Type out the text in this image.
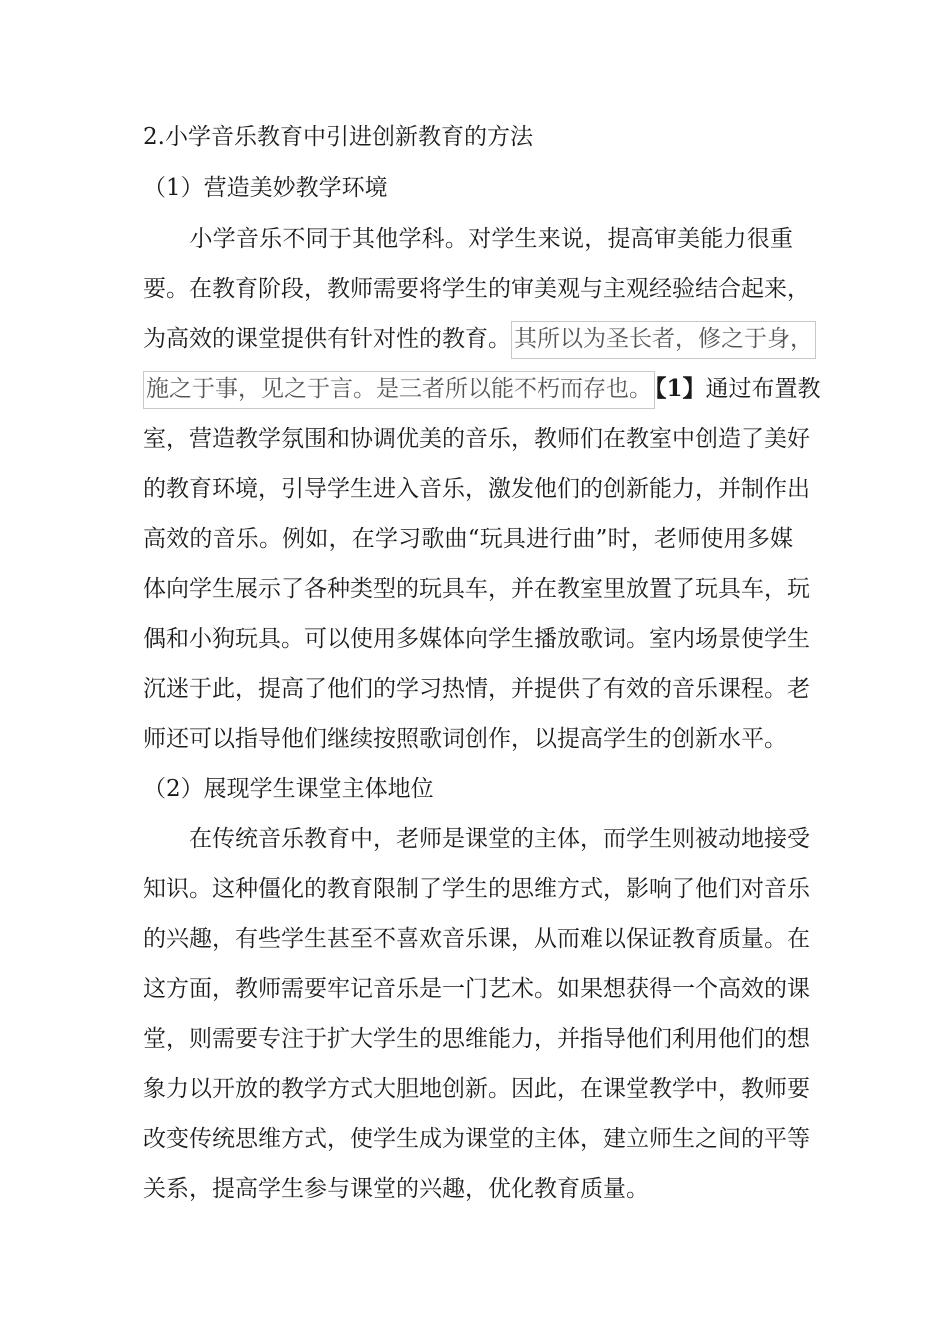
2.小学音乐教育中引进创新教育的方法
（1）营造美妙教学环境
　　小学音乐不同于其他学科。对学生来说，提高审美能力很重
要。在教育阶段，教师需要将学生的审美观与主观经验结合起来，
为高效的课堂提供有针对性的教育。 其所以为圣长者，修之于身，
施之于事，见之于言。是三者所以能不朽而存也。 【1】通过布置教
室，营造教学氛围和协调优美的音乐，教师们在教室中创造了美好
的教育环境，引导学生进入音乐，激发他们的创新能力，并制作出
高效的音乐。例如，在学习歌曲“玩具进行曲”时，老师使用多媒
体向学生展示了各种类型的玩具车，并在教室里放置了玩具车，玩
偶和小狗玩具。可以使用多媒体向学生播放歌词。室内场景使学生
沉迷于此，提高了他们的学习热情，并提供了有效的音乐课程。老
师还可以指导他们继续按照歌词创作，以提高学生的创新水平。
（2）展现学生课堂主体地位
　　在传统音乐教育中，老师是课堂的主体，而学生则被动地接受
知识。这种僵化的教育限制了学生的思维方式，影响了他们对音乐
的兴趣，有些学生甚至不喜欢音乐课，从而难以保证教育质量。在
这方面，教师需要牢记音乐是一门艺术。如果想获得一个高效的课
堂，则需要专注于扩大学生的思维能力，并指导他们利用他们的想
象力以开放的教学方式大胆地创新。因此，在课堂教学中，教师要
改变传统思维方式，使学生成为课堂的主体，建立师生之间的平等
关系，提高学生参与课堂的兴趣，优化教育质量。
